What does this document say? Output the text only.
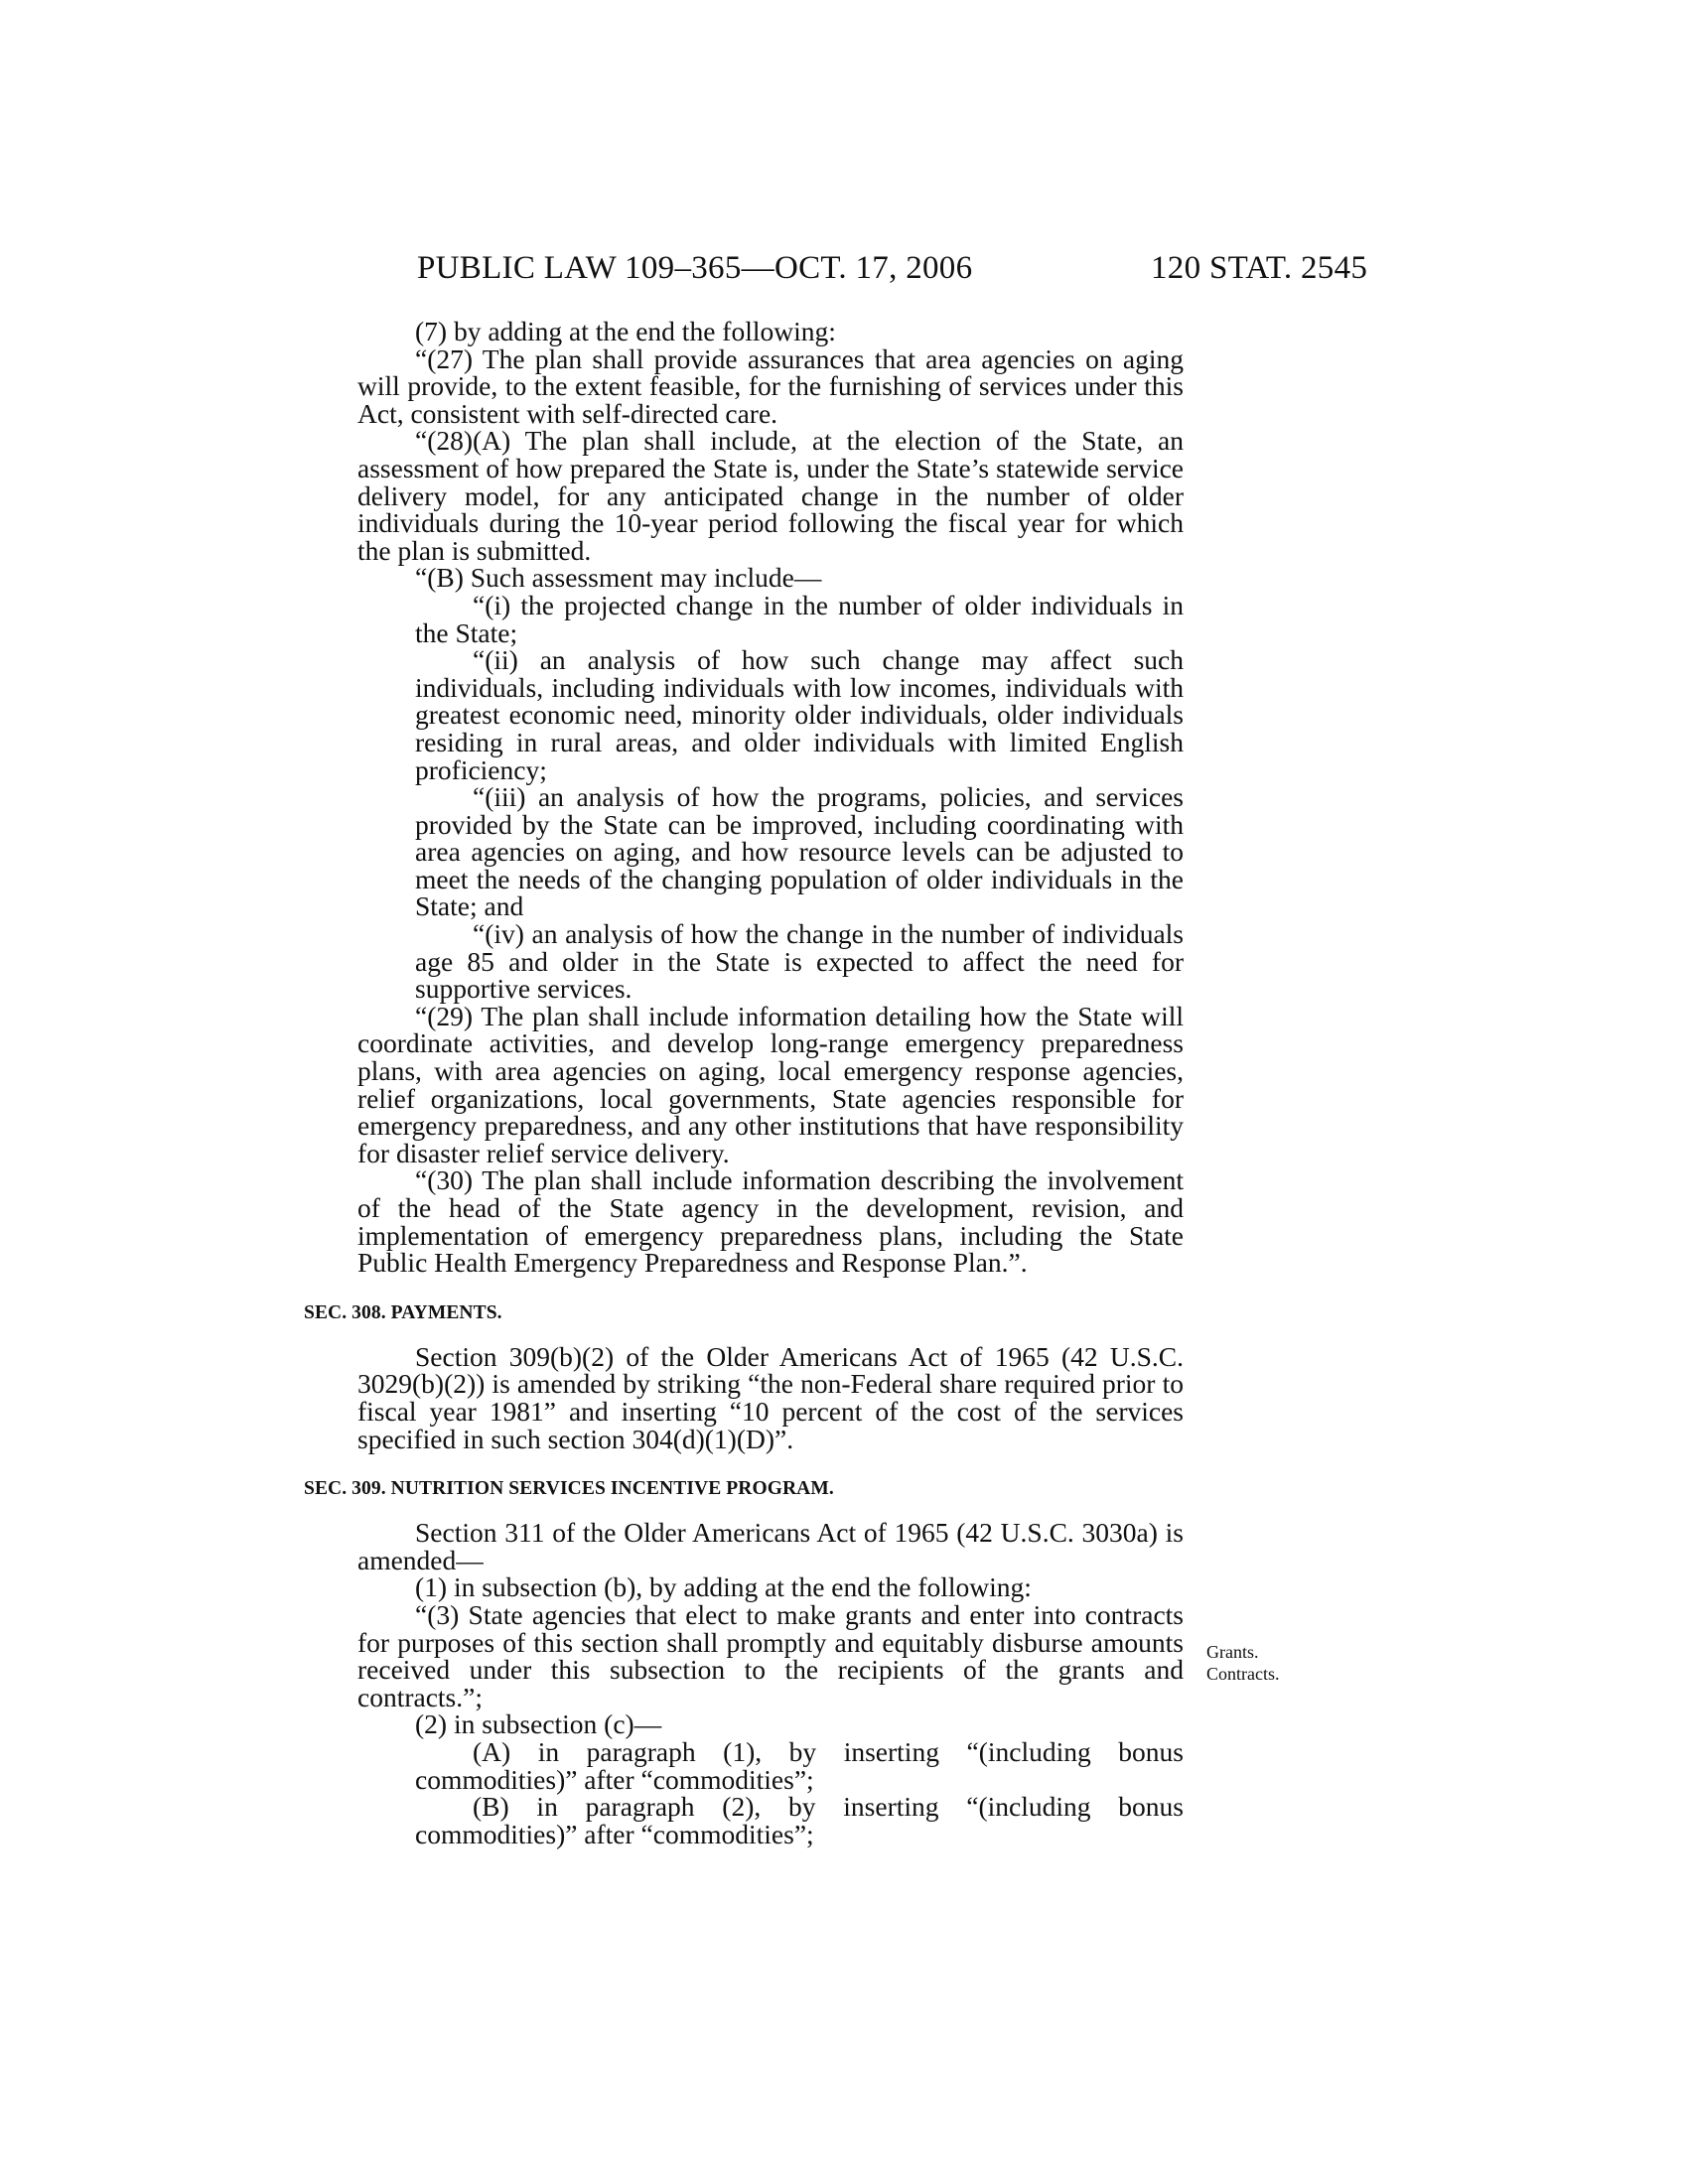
PUBLIC LAW 109–365—OCT. 17, 2006	120 STAT. 2545

(7) by adding at the end the following:

“(27) The plan shall provide assurances that area agencies on aging will provide, to the extent feasible, for the furnishing of services under this Act, consistent with self-directed care.

“(28)(A) The plan shall include, at the election of the State, an assessment of how prepared the State is, under the State’s statewide service delivery model, for any anticipated change in the number of older individuals during the 10-year period following the fiscal year for which the plan is submitted.

“(B) Such assessment may include—

“(i) the projected change in the number of older individuals in the State;

“(ii) an analysis of how such change may affect such individuals, including individuals with low incomes, individuals with greatest economic need, minority older individuals, older individuals residing in rural areas, and older individuals with limited English proficiency;

“(iii) an analysis of how the programs, policies, and services provided by the State can be improved, including coordinating with area agencies on aging, and how resource levels can be adjusted to meet the needs of the changing population of older individuals in the State; and

“(iv) an analysis of how the change in the number of individuals age 85 and older in the State is expected to affect the need for supportive services.

“(29) The plan shall include information detailing how the State will coordinate activities, and develop long-range emergency preparedness plans, with area agencies on aging, local emergency response agencies, relief organizations, local governments, State agencies responsible for emergency preparedness, and any other institutions that have responsibility for disaster relief service delivery.

“(30) The plan shall include information describing the involvement of the head of the State agency in the development, revision, and implementation of emergency preparedness plans, including the State Public Health Emergency Preparedness and Response Plan.”.

SEC. 308. PAYMENTS.

Section 309(b)(2) of the Older Americans Act of 1965 (42 U.S.C. 3029(b)(2)) is amended by striking “the non-Federal share required prior to fiscal year 1981” and inserting “10 percent of the cost of the services specified in such section 304(d)(1)(D)”.

SEC. 309. NUTRITION SERVICES INCENTIVE PROGRAM.

Section 311 of the Older Americans Act of 1965 (42 U.S.C. 3030a) is amended—

(1) in subsection (b), by adding at the end the following:

“(3) State agencies that elect to make grants and enter into contracts for purposes of this section shall promptly and equitably disburse amounts received under this subsection to the recipients of the grants and contracts.”;

(2) in subsection (c)—

(A) in paragraph (1), by inserting “(including bonus commodities)” after “commodities”;

(B) in paragraph (2), by inserting “(including bonus commodities)” after “commodities”;

Grants.
Contracts.
